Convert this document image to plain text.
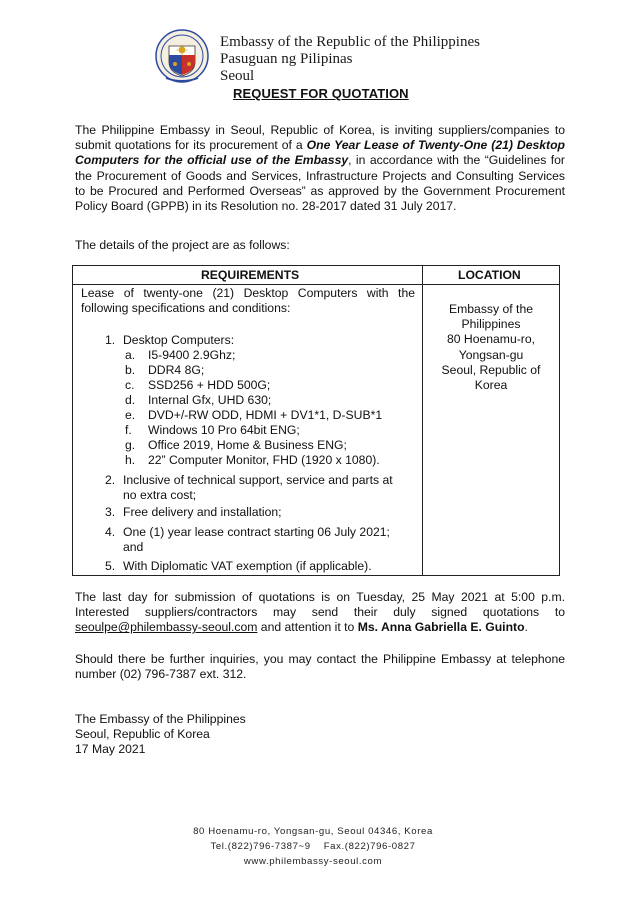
Embassy of the Republic of the Philippines
Pasuguan ng Pilipinas
Seoul
REQUEST FOR QUOTATION
The Philippine Embassy in Seoul, Republic of Korea, is inviting suppliers/companies to submit quotations for its procurement of a One Year Lease of Twenty-One (21) Desktop Computers for the official use of the Embassy, in accordance with the “Guidelines for the Procurement of Goods and Services, Infrastructure Projects and Consulting Services to be Procured and Performed Overseas” as approved by the Government Procurement Policy Board (GPPB) in its Resolution no. 28-2017 dated 31 July 2017.
The details of the project are as follows:
REQUIREMENTS	LOCATION
Lease of twenty-one (21) Desktop Computers with the following specifications and conditions:	Embassy of the
Philippines
80 Hoenamu-ro,
Yongsan-gu
Seoul, Republic of
Korea
1. Desktop Computers:
a. I5-9400 2.9Ghz;
b. DDR4 8G;
c. SSD256 + HDD 500G;
d. Internal Gfx, UHD 630;
e. DVD+/-RW ODD, HDMI + DV1*1, D-SUB*1
f. Windows 10 Pro 64bit ENG;
g. Office 2019, Home & Business ENG;
h. 22” Computer Monitor, FHD (1920 x 1080).
2. Inclusive of technical support, service and parts at
no extra cost;
3. Free delivery and installation;
4. One (1) year lease contract starting 06 July 2021;
and
5. With Diplomatic VAT exemption (if applicable).
The last day for submission of quotations is on Tuesday, 25 May 2021 at 5:00 p.m. Interested suppliers/contractors may send their duly signed quotations to seoulpe@philembassy-seoul.com and attention it to Ms. Anna Gabriella E. Guinto.
Should there be further inquiries, you may contact the Philippine Embassy at telephone number (02) 796-7387 ext. 312.
The Embassy of the Philippines
Seoul, Republic of Korea
17 May 2021
80 Hoenamu-ro, Yongsan-gu, Seoul 04346, Korea
Tel.(822)796-7387~9    Fax.(822)796-0827
www.philembassy-seoul.com
